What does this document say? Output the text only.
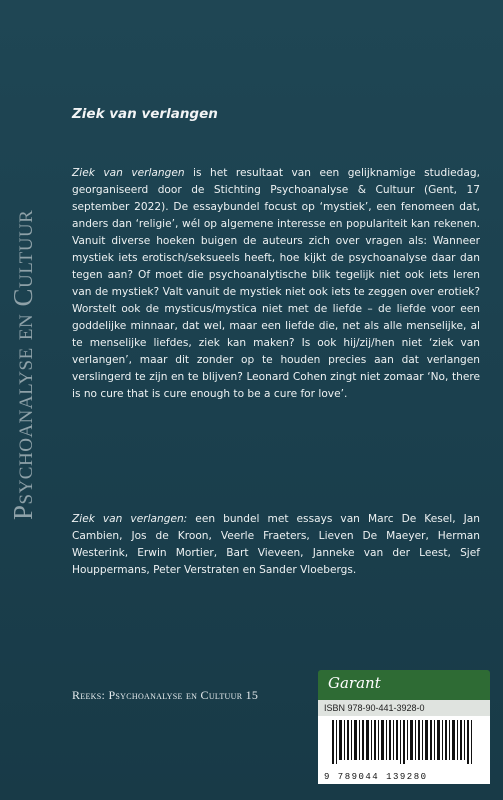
Psychoanalyse en Cultuur
Ziek van verlangen

Ziek van verlangen is het resultaat van een gelijknamige studiedag, georganiseerd door de Stichting Psychoanalyse & Cultuur (Gent, 17 september 2022). De essaybundel focust op ‘mystiek’, een fenomeen dat, anders dan ‘religie’, wél op algemene interesse en populariteit kan rekenen. Vanuit diverse hoeken buigen de auteurs zich over vragen als: Wanneer mystiek iets erotisch/seksueels heeft, hoe kijkt de psychoanalyse daar dan tegen aan? Of moet die psychoanalytische blik tegelijk niet ook iets leren van de mystiek? Valt vanuit de mystiek niet ook iets te zeggen over erotiek? Worstelt ook de mysticus/mystica niet met de liefde – de liefde voor een goddelijke minnaar, dat wel, maar een liefde die, net als alle menselijke, al te menselijke liefdes, ziek kan maken? Is ook hij/zij/hen niet ‘ziek van verlangen’, maar dit zonder op te houden precies aan dat verlangen verslingerd te zijn en te blijven? Leonard Cohen zingt niet zomaar ‘No, there is no cure that is cure enough to be a cure for love’.

Ziek van verlangen: een bundel met essays van Marc De Kesel, Jan Cambien, Jos de Kroon, Veerle Fraeters, Lieven De Maeyer, Herman Westerink, Erwin Mortier, Bart Vieveen, Janneke van der Leest, Sjef Houppermans, Peter Verstraten en Sander Vloebergs.

Reeks: Psychoanalyse en Cultuur 15
Garant
ISBN 978-90-441-3928-0
9 789044 139280
